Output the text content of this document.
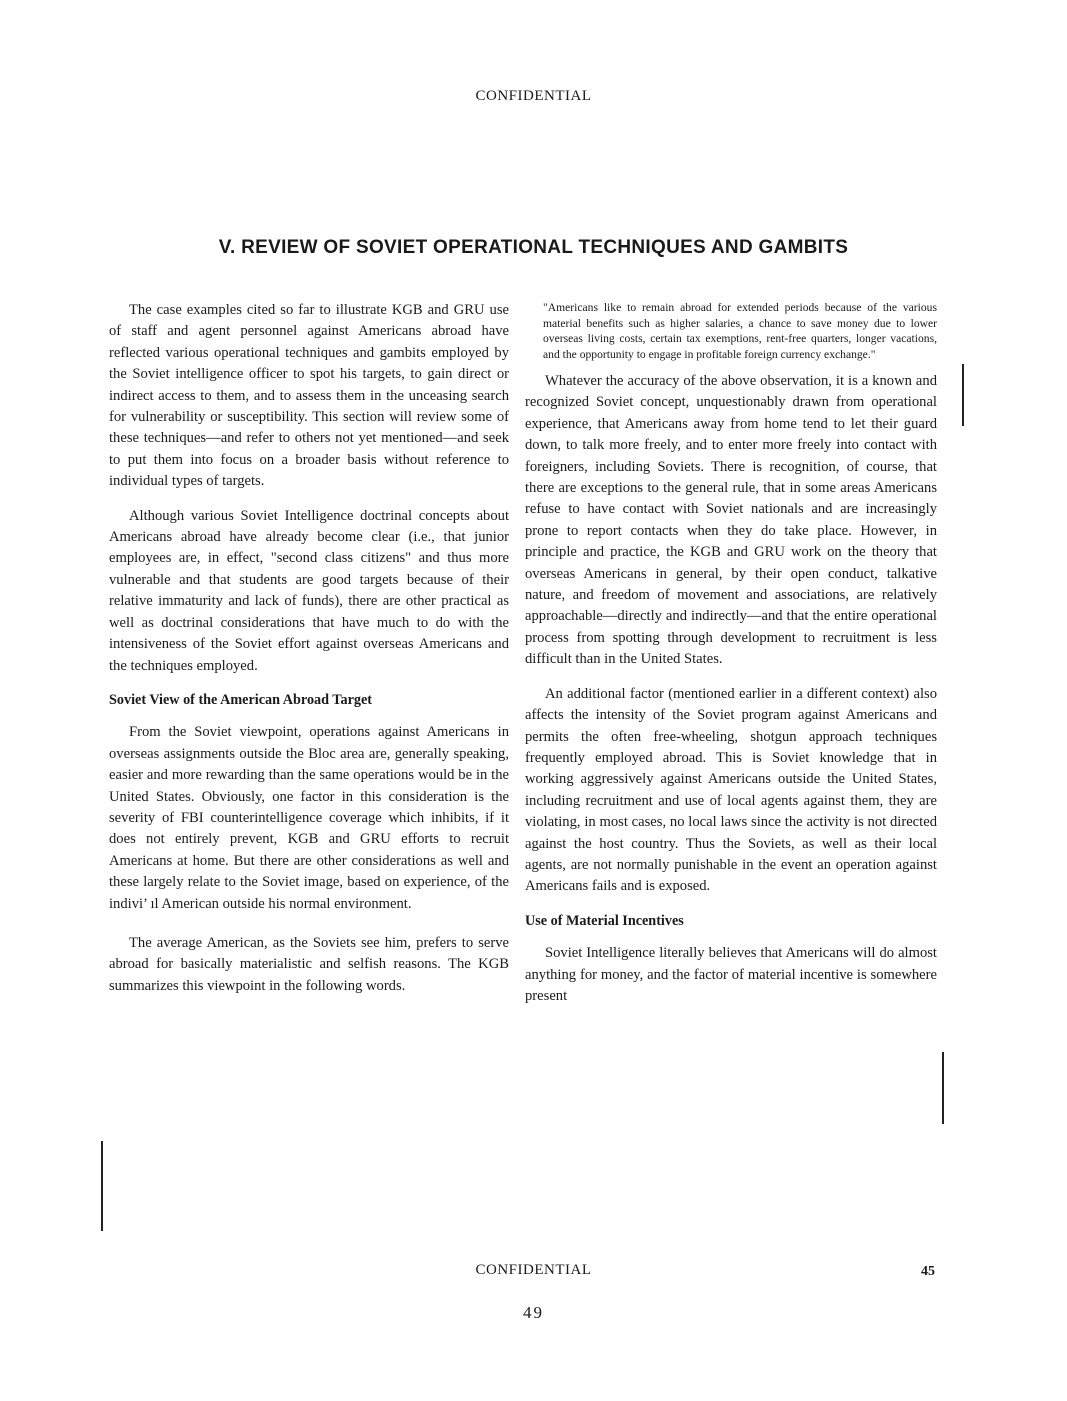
CONFIDENTIAL
V. REVIEW OF SOVIET OPERATIONAL TECHNIQUES AND GAMBITS

The case examples cited so far to illustrate KGB and GRU use of staff and agent personnel against Americans abroad have reflected various operational techniques and gambits employed by the Soviet intelligence officer to spot his targets, to gain direct or indirect access to them, and to assess them in the unceasing search for vulnerability or susceptibility. This section will review some of these techniques—and refer to others not yet mentioned—and seek to put them into focus on a broader basis without reference to individual types of targets.

Although various Soviet Intelligence doctrinal concepts about Americans abroad have already become clear (i.e., that junior employees are, in effect, "second class citizens" and thus more vulnerable and that students are good targets because of their relative immaturity and lack of funds), there are other practical as well as doctrinal considerations that have much to do with the intensiveness of the Soviet effort against overseas Americans and the techniques employed.

Soviet View of the American Abroad Target

From the Soviet viewpoint, operations against Americans in overseas assignments outside the Bloc area are, generally speaking, easier and more rewarding than the same operations would be in the United States. Obviously, one factor in this consideration is the severity of FBI counterintelligence coverage which inhibits, if it does not entirely prevent, KGB and GRU efforts to recruit Americans at home. But there are other considerations as well and these largely relate to the Soviet image, based on experience, of the indivi’ ıl American outside his normal environment.

The average American, as the Soviets see him, prefers to serve abroad for basically materialistic and selfish reasons. The KGB summarizes this viewpoint in the following words.

"Americans like to remain abroad for extended periods because of the various material benefits such as higher salaries, a chance to save money due to lower overseas living costs, certain tax exemptions, rent-free quarters, longer vacations, and the opportunity to engage in profitable foreign currency exchange."

Whatever the accuracy of the above observation, it is a known and recognized Soviet concept, unquestionably drawn from operational experience, that Americans away from home tend to let their guard down, to talk more freely, and to enter more freely into contact with foreigners, including Soviets. There is recognition, of course, that there are exceptions to the general rule, that in some areas Americans refuse to have contact with Soviet nationals and are increasingly prone to report contacts when they do take place. However, in principle and practice, the KGB and GRU work on the theory that overseas Americans in general, by their open conduct, talkative nature, and freedom of movement and associations, are relatively approachable—directly and indirectly—and that the entire operational process from spotting through development to recruitment is less difficult than in the United States.

An additional factor (mentioned earlier in a different context) also affects the intensity of the Soviet program against Americans and permits the often free-wheeling, shotgun approach techniques frequently employed abroad. This is Soviet knowledge that in working aggressively against Americans outside the United States, including recruitment and use of local agents against them, they are violating, in most cases, no local laws since the activity is not directed against the host country. Thus the Soviets, as well as their local agents, are not normally punishable in the event an operation against Americans fails and is exposed.

Use of Material Incentives

Soviet Intelligence literally believes that Americans will do almost anything for money, and the factor of material incentive is somewhere present

CONFIDENTIΑL	45
49
